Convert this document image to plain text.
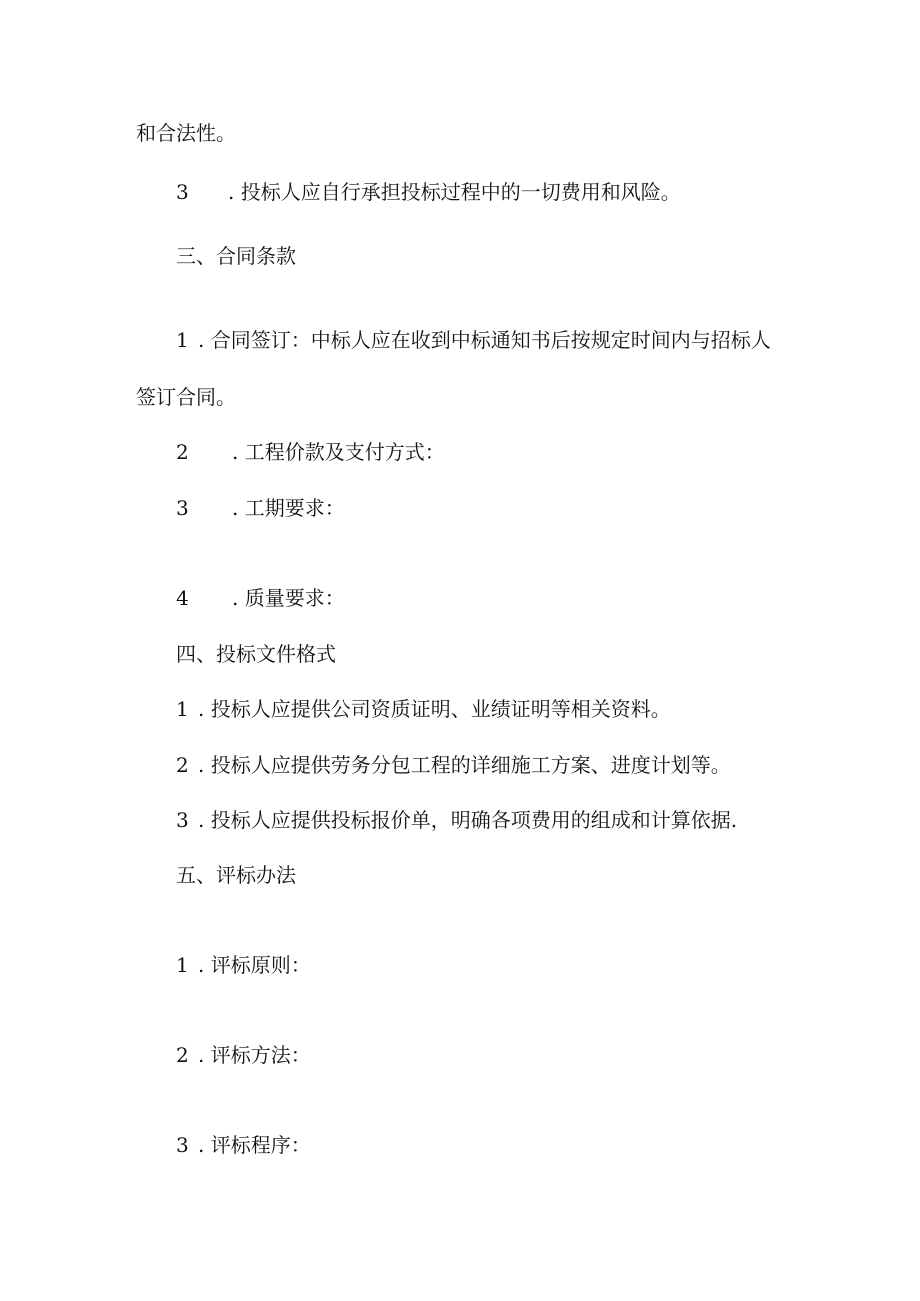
和合法性。
3 . 投标人应自行承担投标过程中的一切费用和风险。
三、合同条款
1 . 合同签订：中标人应在收到中标通知书后按规定时间内与招标人
签订合同。
2 . 工程价款及支付方式：
3 . 工期要求：
4 . 质量要求：
四、投标文件格式
1 . 投标人应提供公司资质证明、业绩证明等相关资料。
2 . 投标人应提供劳务分包工程的详细施工方案、进度计划等。
3 . 投标人应提供投标报价单，明确各项费用的组成和计算依据.
五、评标办法
1 . 评标原则：
2 . 评标方法：
3 . 评标程序：
